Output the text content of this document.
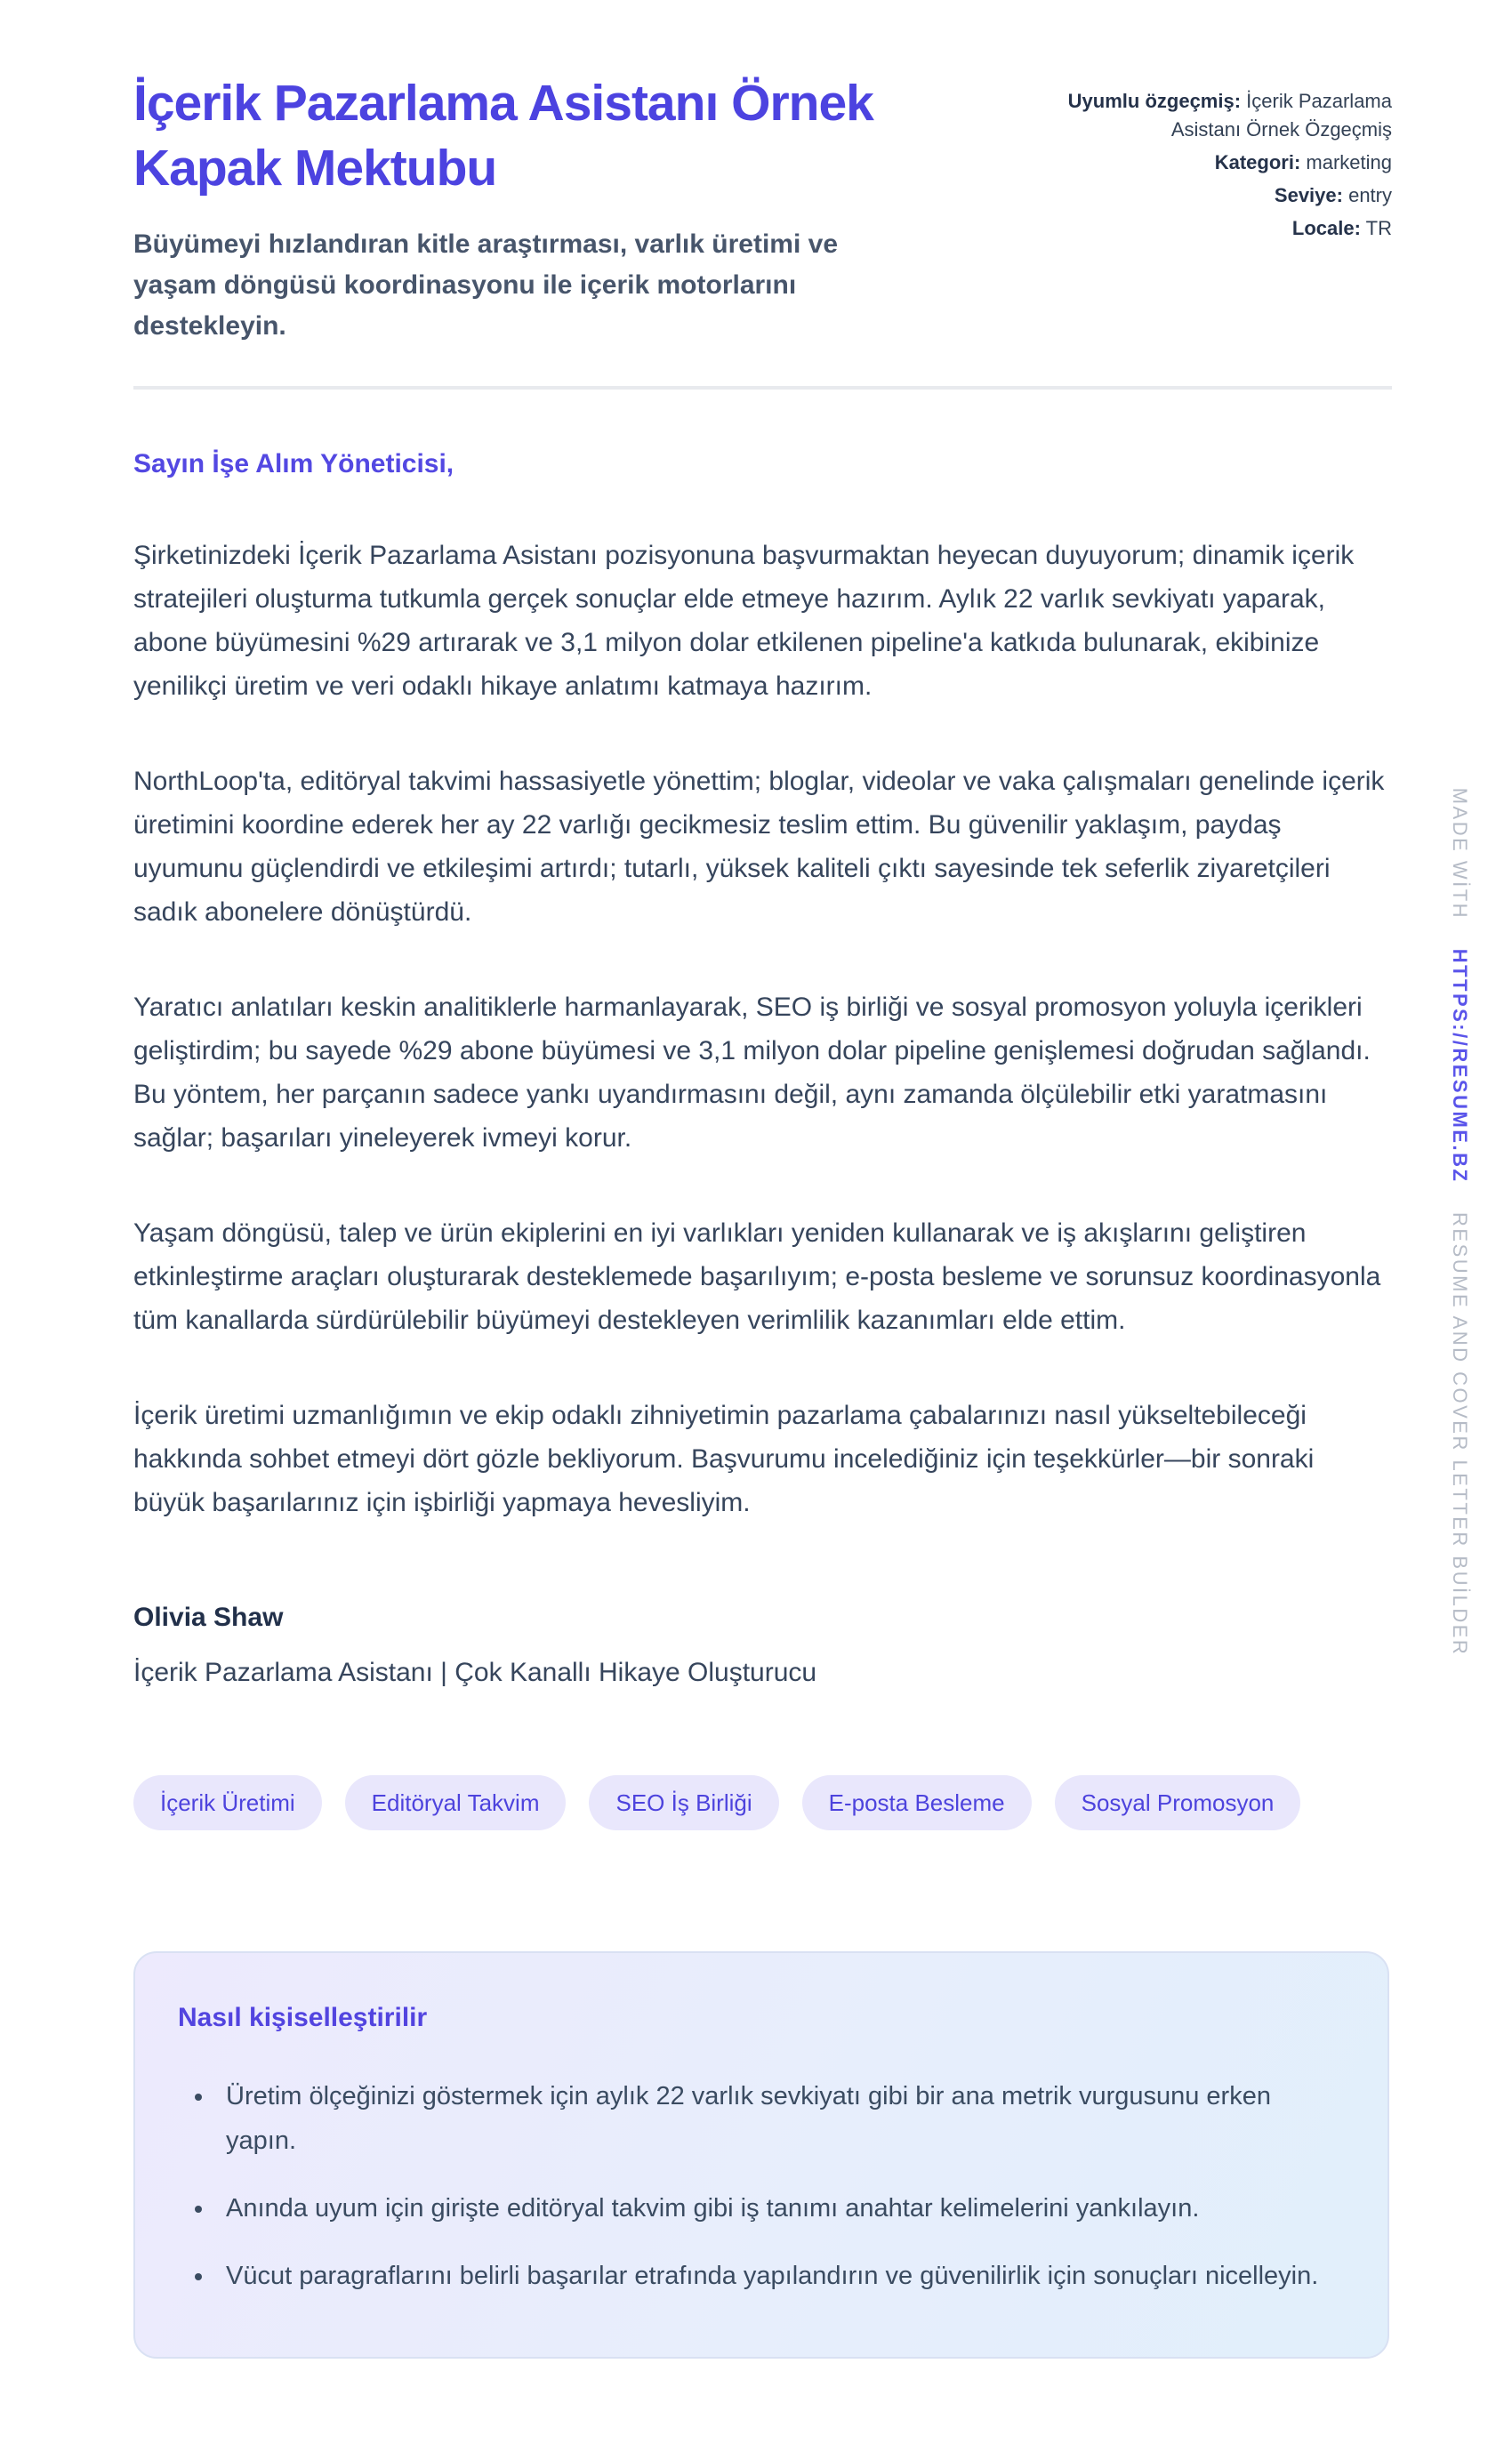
İçerik Pazarlama Asistanı Örnek Kapak Mektubu
Büyümeyi hızlandıran kitle araştırması, varlık üretimi ve yaşam döngüsü koordinasyonu ile içerik motorlarını destekleyin.
Uyumlu özgeçmiş: İçerik Pazarlama Asistanı Örnek Özgeçmiş
Kategori: marketing
Seviye: entry
Locale: TR
Sayın İşe Alım Yöneticisi,

Şirketinizdeki İçerik Pazarlama Asistanı pozisyonuna başvurmaktan heyecan duyuyorum; dinamik içerik stratejileri oluşturma tutkumla gerçek sonuçlar elde etmeye hazırım. Aylık 22 varlık sevkiyatı yaparak, abone büyümesini %29 artırarak ve 3,1 milyon dolar etkilenen pipeline'a katkıda bulunarak, ekibinize yenilikçi üretim ve veri odaklı hikaye anlatımı katmaya hazırım.

NorthLoop'ta, editöryal takvimi hassasiyetle yönettim; bloglar, videolar ve vaka çalışmaları genelinde içerik üretimini koordine ederek her ay 22 varlığı gecikmesiz teslim ettim. Bu güvenilir yaklaşım, paydaş uyumunu güçlendirdi ve etkileşimi artırdı; tutarlı, yüksek kaliteli çıktı sayesinde tek seferlik ziyaretçileri sadık abonelere dönüştürdü.

Yaratıcı anlatıları keskin analitiklerle harmanlayarak, SEO iş birliği ve sosyal promosyon yoluyla içerikleri geliştirdim; bu sayede %29 abone büyümesi ve 3,1 milyon dolar pipeline genişlemesi doğrudan sağlandı. Bu yöntem, her parçanın sadece yankı uyandırmasını değil, aynı zamanda ölçülebilir etki yaratmasını sağlar; başarıları yineleyerek ivmeyi korur.

Yaşam döngüsü, talep ve ürün ekiplerini en iyi varlıkları yeniden kullanarak ve iş akışlarını geliştiren etkinleştirme araçları oluşturarak desteklemede başarılıyım; e-posta besleme ve sorunsuz koordinasyonla tüm kanallarda sürdürülebilir büyümeyi destekleyen verimlilik kazanımları elde ettim.

İçerik üretimi uzmanlığımın ve ekip odaklı zihniyetimin pazarlama çabalarınızı nasıl yükseltebileceği hakkında sohbet etmeyi dört gözle bekliyorum. Başvurumu incelediğiniz için teşekkürler—bir sonraki büyük başarılarınız için işbirliği yapmaya hevesliyim.

Olivia Shaw
İçerik Pazarlama Asistanı | Çok Kanallı Hikaye Oluşturucu
İçerik Üretimi	Editöryal Takvim	SEO İş Birliği	E-posta Besleme	Sosyal Promosyon
Nasıl kişiselleştirilir
• Üretim ölçeğinizi göstermek için aylık 22 varlık sevkiyatı gibi bir ana metrik vurgusunu erken yapın.
• Anında uyum için girişte editöryal takvim gibi iş tanımı anahtar kelimelerini yankılayın.
• Vücut paragraflarını belirli başarılar etrafında yapılandırın ve güvenilirlik için sonuçları nicelleyin.
MADE WİTH HTTPS://RESUME.BZ RESUME AND COVER LETTER BUİLDER
